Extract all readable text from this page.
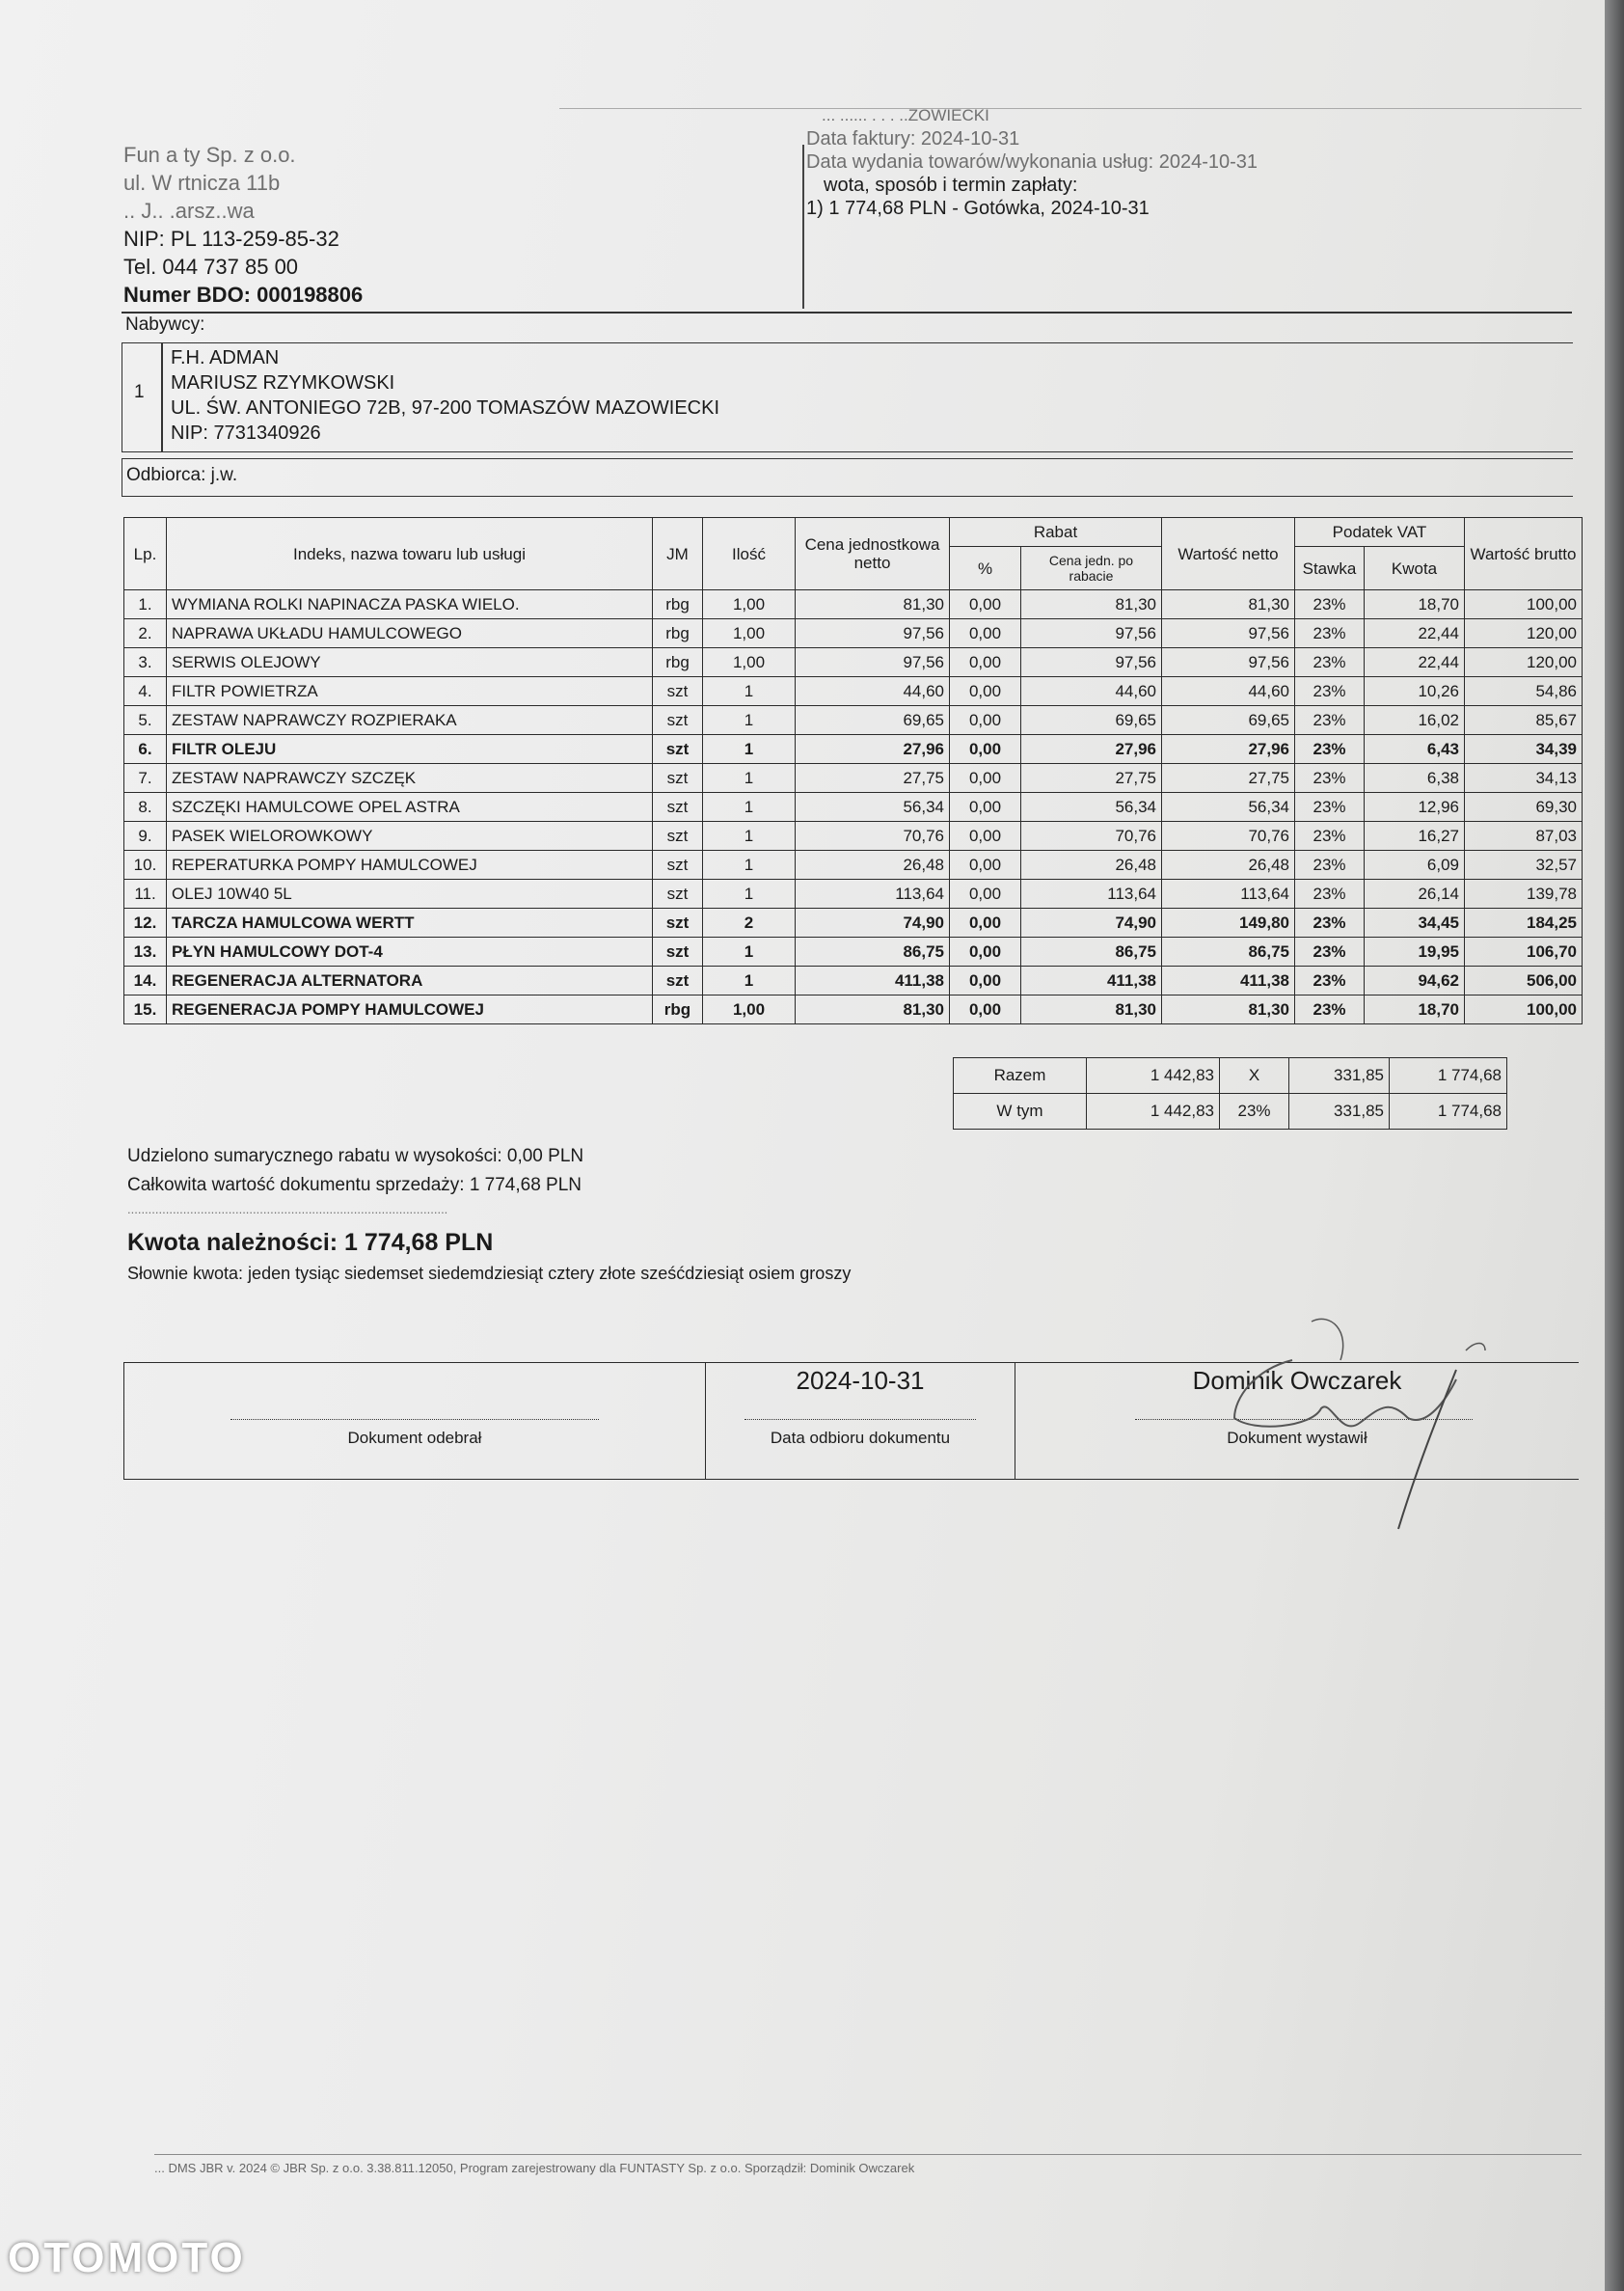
Fun a ty Sp. z o.o.
ul. W rtnicza 11b
.. J.. .arsz..wa
NIP: PL 113-259-85-32
Tel. 044 737 85 00
Numer BDO: 000198806
... ...... . . . ..ZOWIECKI
Data faktury: 2024-10-31
Data wydania towarów/wykonania usług: 2024-10-31
wota, sposób i termin zapłaty:
1) 1 774,68 PLN - Gotówka, 2024-10-31
Nabywcy:
1
F.H. ADMAN
MARIUSZ RZYMKOWSKI
UL. ŚW. ANTONIEGO 72B, 97-200 TOMASZÓW MAZOWIECKI
NIP: 7731340926
Odbiorca: j.w.
Lp.	Indeks, nazwa towaru lub usługi	JM	Ilość	Cena jednostkowa netto	Rabat		Wartość netto	Podatek VAT		Wartość brutto
					%	Cena jedn. po rabacie		Stawka	Kwota	
1.	WYMIANA ROLKI NAPINACZA PASKA WIELO.	rbg	1,00	81,30	0,00	81,30	81,30	23%	18,70	100,00
2.	NAPRAWA UKŁADU HAMULCOWEGO	rbg	1,00	97,56	0,00	97,56	97,56	23%	22,44	120,00
3.	SERWIS OLEJOWY	rbg	1,00	97,56	0,00	97,56	97,56	23%	22,44	120,00
4.	FILTR POWIETRZA	szt	1	44,60	0,00	44,60	44,60	23%	10,26	54,86
5.	ZESTAW NAPRAWCZY ROZPIERAKA	szt	1	69,65	0,00	69,65	69,65	23%	16,02	85,67
6.	FILTR OLEJU	szt	1	27,96	0,00	27,96	27,96	23%	6,43	34,39
7.	ZESTAW NAPRAWCZY SZCZĘK	szt	1	27,75	0,00	27,75	27,75	23%	6,38	34,13
8.	SZCZĘKI HAMULCOWE OPEL ASTRA	szt	1	56,34	0,00	56,34	56,34	23%	12,96	69,30
9.	PASEK WIELOROWKOWY	szt	1	70,76	0,00	70,76	70,76	23%	16,27	87,03
10.	REPERATURKA POMPY HAMULCOWEJ	szt	1	26,48	0,00	26,48	26,48	23%	6,09	32,57
11.	OLEJ 10W40 5L	szt	1	113,64	0,00	113,64	113,64	23%	26,14	139,78
12.	TARCZA HAMULCOWA WERTT	szt	2	74,90	0,00	74,90	149,80	23%	34,45	184,25
13.	PŁYN HAMULCOWY DOT-4	szt	1	86,75	0,00	86,75	86,75	23%	19,95	106,70
14.	REGENERACJA ALTERNATORA	szt	1	411,38	0,00	411,38	411,38	23%	94,62	506,00
15.	REGENERACJA POMPY HAMULCOWEJ	rbg	1,00	81,30	0,00	81,30	81,30	23%	18,70	100,00
Razem	1 442,83	X	331,85	1 774,68
W tym	1 442,83	23%	331,85	1 774,68
Udzielono sumarycznego rabatu w wysokości: 0,00 PLN
Całkowita wartość dokumentu sprzedaży: 1 774,68 PLN
............................................................................................
Kwota należności: 1 774,68 PLN
Słownie kwota: jeden tysiąc siedemset siedemdziesiąt cztery złote sześćdziesiąt osiem groszy
Dokument odebrał

2024-10-31
Data odbioru dokumentu

Dominik Owczarek
Dokument wystawił
... DMS JBR v. 2024 © JBR Sp. z o.o. 3.38.811.12050, Program zarejestrowany dla FUNTASTY Sp. z o.o. Sporządził: Dominik Owczarek
OTOMOTO
